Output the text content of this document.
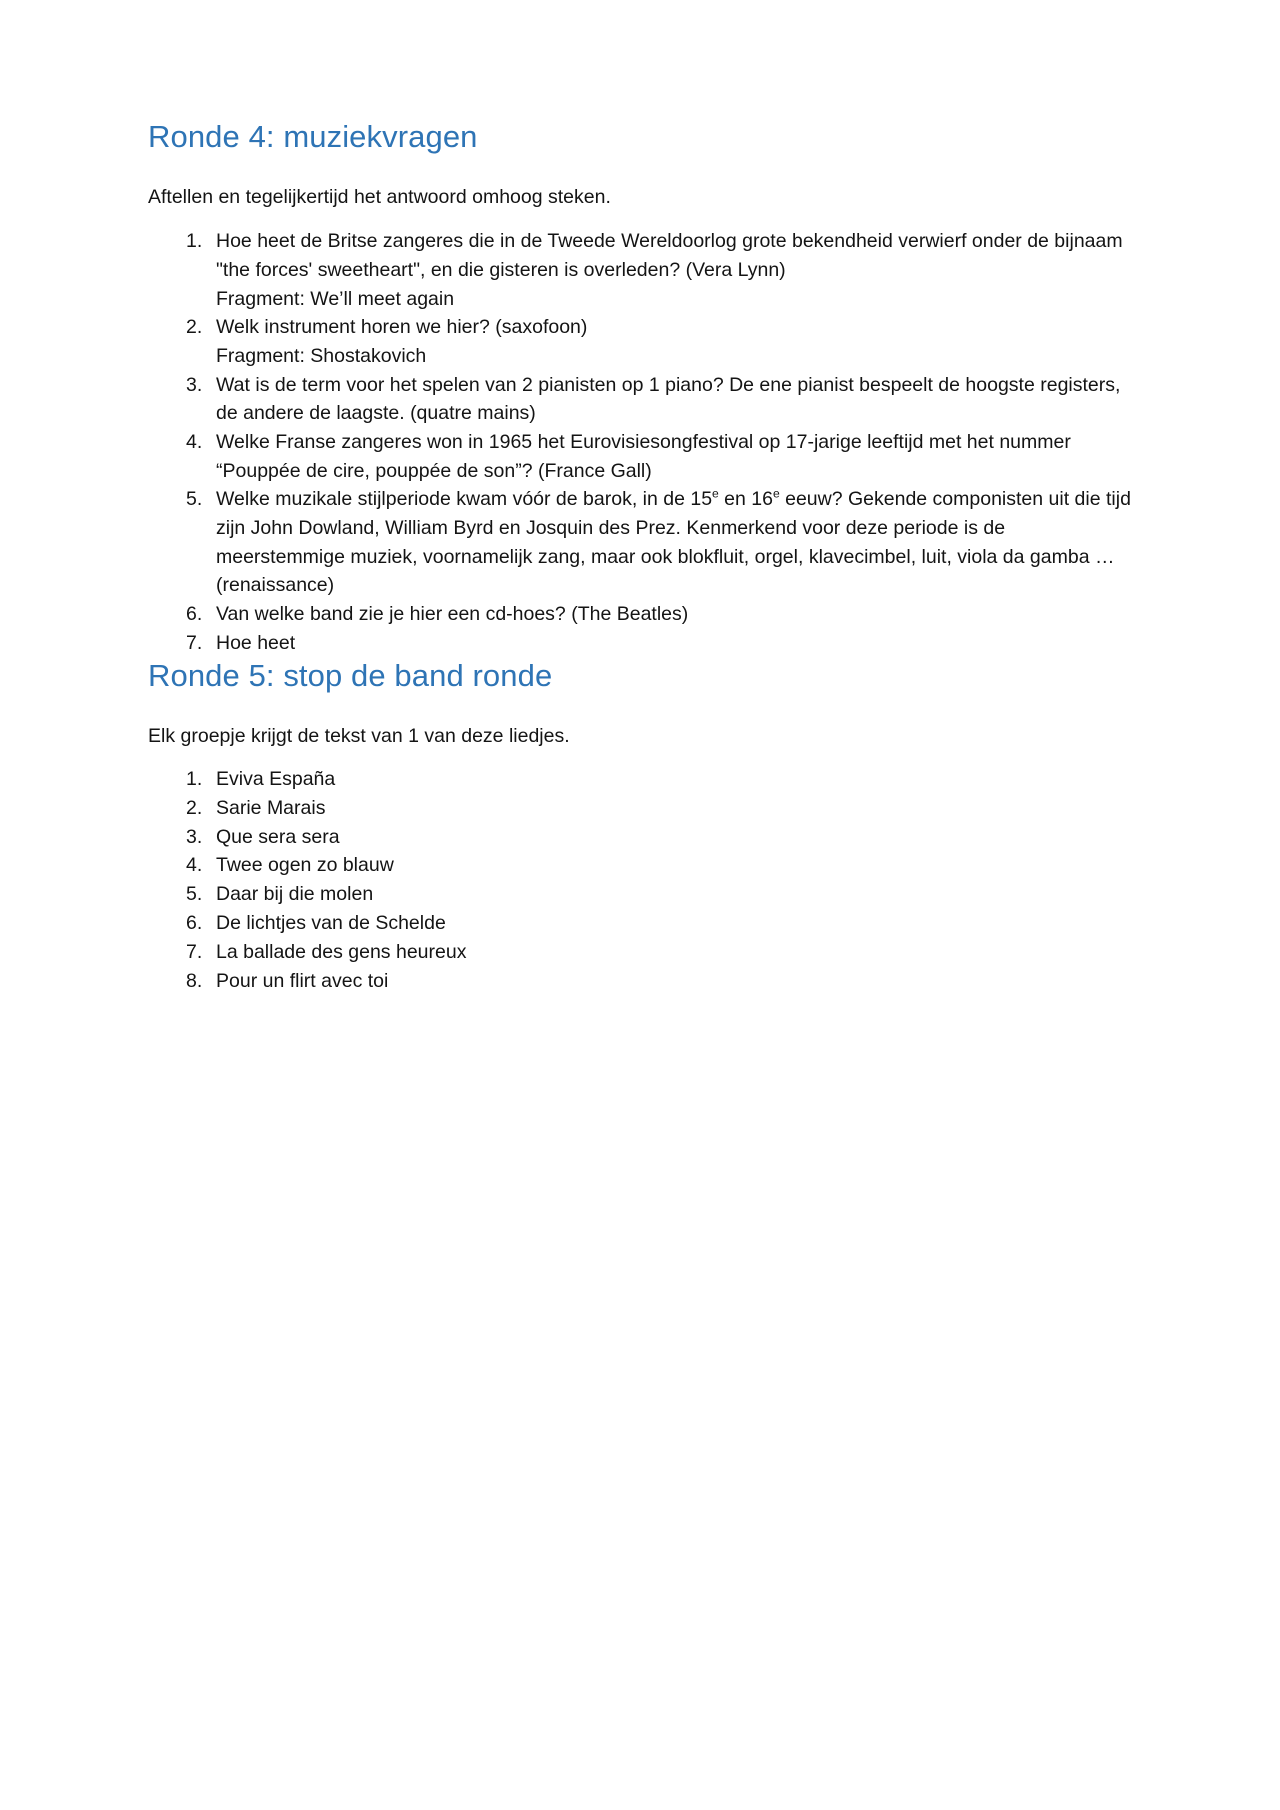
Ronde 4: muziekvragen

Aftellen en tegelijkertijd het antwoord omhoog steken.

Hoe heet de Britse zangeres die in de Tweede Wereldoorlog grote bekendheid verwierf onder de bijnaam "the forces' sweetheart", en die gisteren is overleden? (Vera Lynn)
Fragment: We’ll meet again
Welk instrument horen we hier? (saxofoon)
Fragment: Shostakovich
Wat is de term voor het spelen van 2 pianisten op 1 piano? De ene pianist bespeelt de hoogste registers, de andere de laagste. (quatre mains)
Welke Franse zangeres won in 1965 het Eurovisiesongfestival op 17-jarige leeftijd met het nummer “Pouppée de cire, pouppée de son”? (France Gall)
Welke muzikale stijlperiode kwam vóór de barok, in de 15e en 16e eeuw? Gekende componisten uit die tijd zijn John Dowland, William Byrd en Josquin des Prez. Kenmerkend voor deze periode is de meerstemmige muziek, voornamelijk zang, maar ook blokfluit, orgel, klavecimbel, luit, viola da gamba … (renaissance)
Van welke band zie je hier een cd-hoes? (The Beatles)
Hoe heet
Ronde 5: stop de band ronde

Elk groepje krijgt de tekst van 1 van deze liedjes.

Eviva España
Sarie Marais
Que sera sera
Twee ogen zo blauw
Daar bij die molen
De lichtjes van de Schelde
La ballade des gens heureux
Pour un flirt avec toi
